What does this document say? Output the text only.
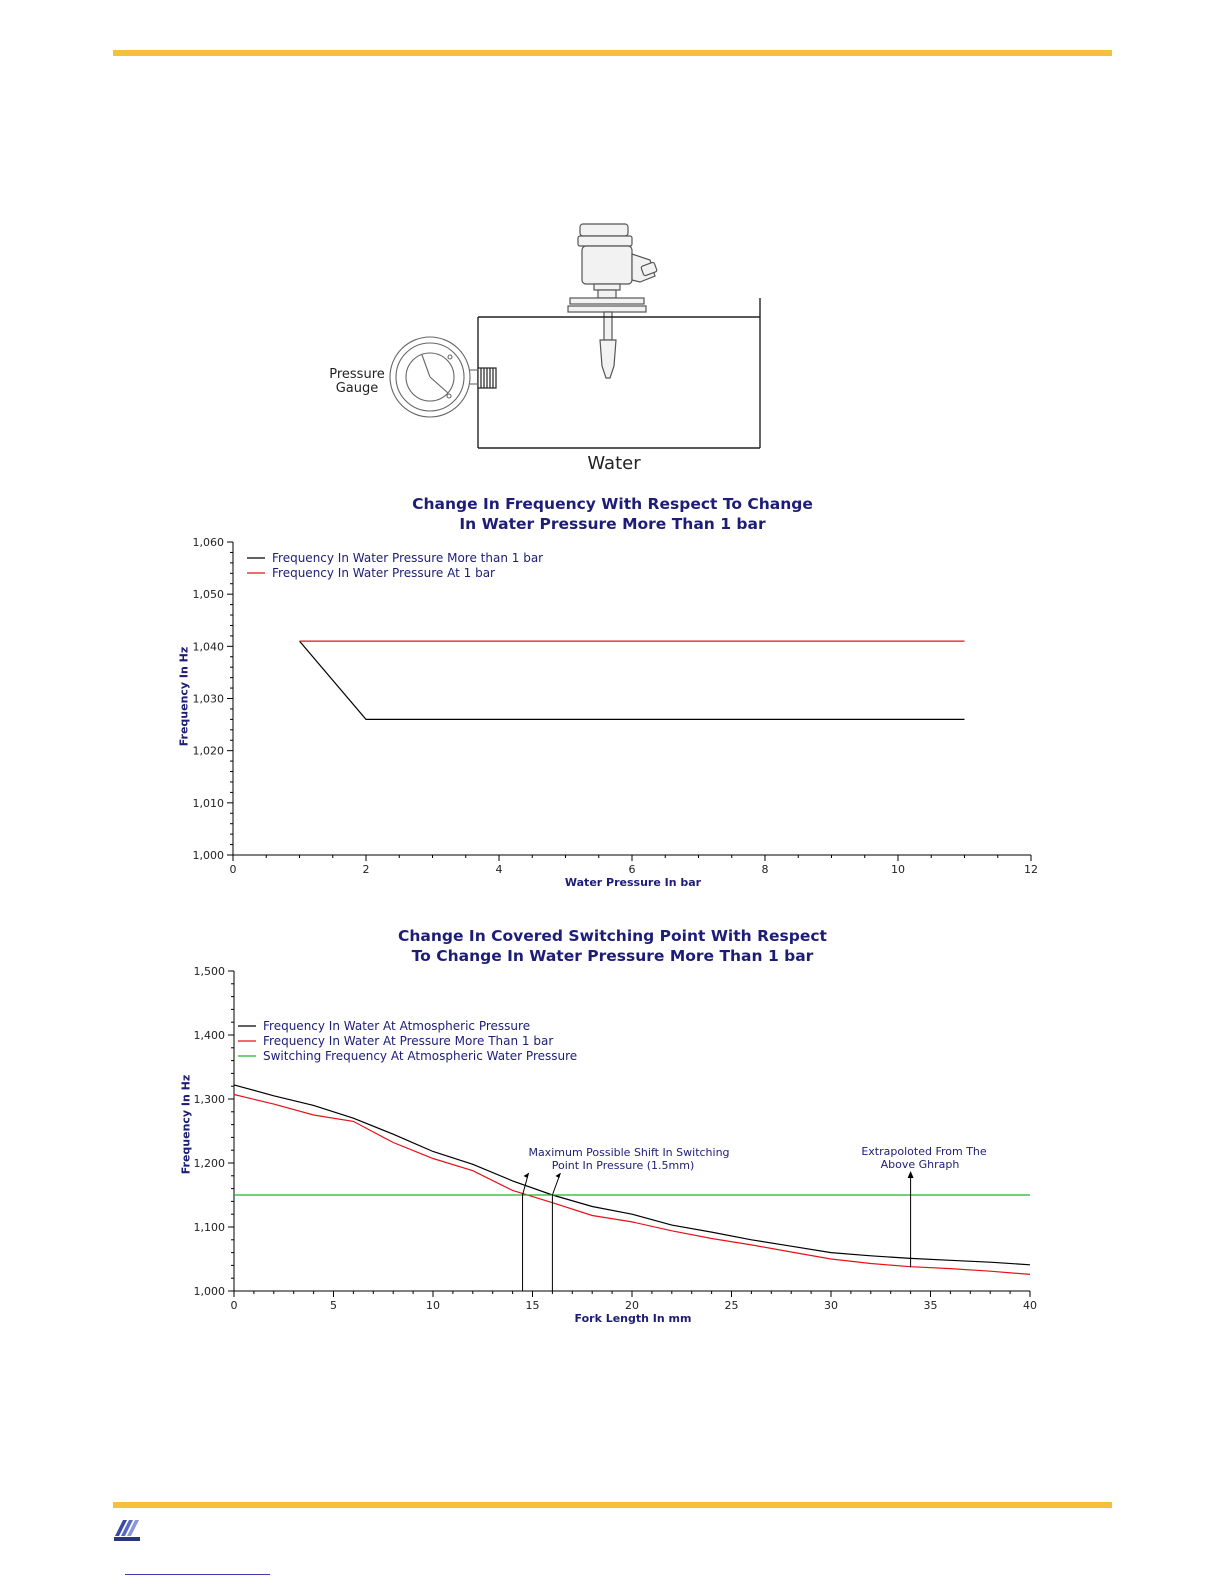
Pressure
Gauge
Water
Change In Frequency With Respect To Change
In Water Pressure More Than 1 bar
Frequency In Hz
Water Pressure In bar
1,000
1,010
1,020
1,030
1,040
1,050
1,060
0	2	4	6	8	10	12
Frequency In Water Pressure More than 1 bar
Frequency In Water Pressure At 1 bar
Change In Covered Switching Point With Respect
To Change In Water Pressure More Than 1 bar
Frequency In Hz
Fork Length In mm
1,000
1,100
1,200
1,300
1,400
1,500
0	5	10	15	20	25	30	35	40
Frequency In Water At Atmospheric Pressure
Frequency In Water At Pressure More Than 1 bar
Switching Frequency At Atmospheric Water Pressure
Maximum Possible Shift In Switching
Point In Pressure (1.5mm)
Extrapoloted From The
Above Ghraph
